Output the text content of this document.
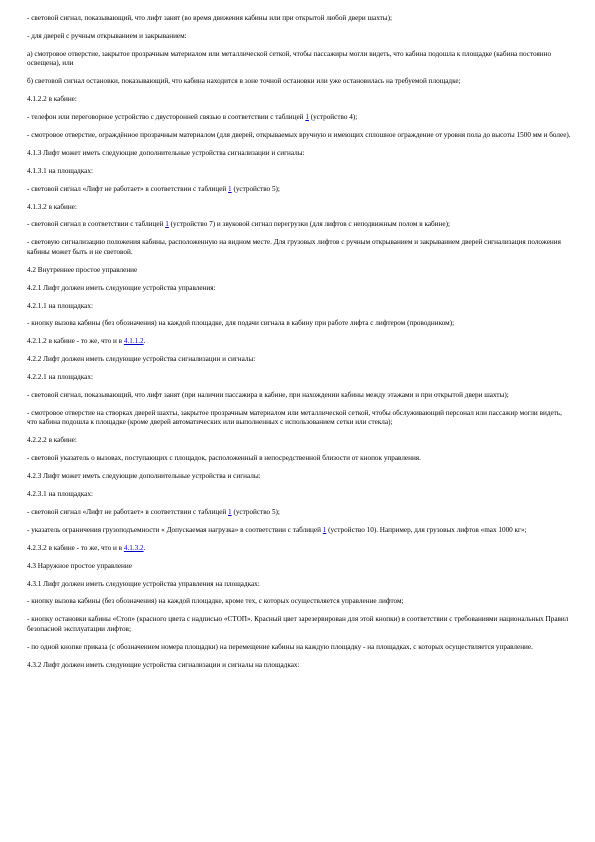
- световой сигнал, показывающий, что лифт занят (во время движения кабины или при открытой любой двери шахты);

- для дверей с ручным открыванием и закрыванием:

а) смотровое отверстие, закрытое прозрачным материалом или металлической сеткой, чтобы пассажиры могли видеть, что кабина подошла к площадке (кабина постоянно освещена), или

б) световой сигнал остановки, показывающий, что кабина находится в зоне точной остановки или уже остановилась на требуемой площадке;

4.1.2.2 в кабине:

- телефон или переговорное устройство с двусторонней связью в соответствии с таблицей 1 (устройство 4);

- смотровое отверстие, ограждённое прозрачным материалом (для дверей, открываемых вручную и имеющих сплошное ограждение от уровня пола до высоты 1500 мм и более).

4.1.3 Лифт может иметь следующие дополнительные устройства сигнализации и сигналы:

4.1.3.1 на площадках:

- световой сигнал «Лифт не работает» в соответствии с таблицей 1 (устройство 5);

4.1.3.2 в кабине:

- световой сигнал в соответствии с таблицей 1 (устройство 7) и звуковой сигнал перегрузки (для лифтов с неподвижным полом в кабине);

- световую сигнализацию положения кабины, расположенную на видном месте. Для грузовых лифтов с ручным открыванием и закрыванием дверей сигнализация положения кабины может быть и не световой.

4.2 Внутреннее простое управление

4.2.1 Лифт должен иметь следующие устройства управления:

4.2.1.1 на площадках:

- кнопку вызова кабины (без обозначения) на каждой площадке, для подачи сигнала в кабину при работе лифта с лифтером (проводником);

4.2.1.2 в кабине - то же, что и в 4.1.1.2.

4.2.2 Лифт должен иметь следующие устройства сигнализации и сигналы:

4.2.2.1 на площадках:

- световой сигнал, показывающий, что лифт занят (при наличии пассажира в кабине, при нахождении кабины между этажами и при открытой двери шахты);

- смотровое отверстие на створках дверей шахты, закрытое прозрачным материалом или металлической сеткой, чтобы обслуживающий персонал или пассажир могли видеть, что кабина подошла к площадке (кроме дверей автоматических или выполненных с использованием сетки или стекла);

4.2.2.2 в кабине:

- световой указатель о вызовах, поступающих с площадок, расположенный в непосредственной близости от кнопок управления.

4.2.3 Лифт может иметь следующие дополнительные устройства и сигналы:

4.2.3.1 на площадках:

- световой сигнал «Лифт не работает» в соответствии с таблицей 1 (устройство 5);

- указатель ограничения грузоподъемности « Допускаемая нагрузка» в соответствии с таблицей 1 (устройство 10). Например, для грузовых лифтов «max 1000 кг»;

4.2.3.2 в кабине - то же, что и в 4.1.3.2.

4.3 Наружное простое управление

4.3.1 Лифт должен иметь следующие устройства управления на площадках:

- кнопку вызова кабины (без обозначения) на каждой площадке, кроме тех, с которых осуществляется управление лифтом;

- кнопку остановки кабины «Стоп» (красного цвета с надписью «СТОП». Красный цвет зарезервирован для этой кнопки) в соответствии с требованиями национальных Правил безопасной эксплуатации лифтов;

- по одной кнопке приказа (с обозначением номера площадки) на перемещение кабины на каждую площадку - на площадках, с которых осуществляется управление.

4.3.2 Лифт должен иметь следующие устройства сигнализации и сигналы на площадках:
